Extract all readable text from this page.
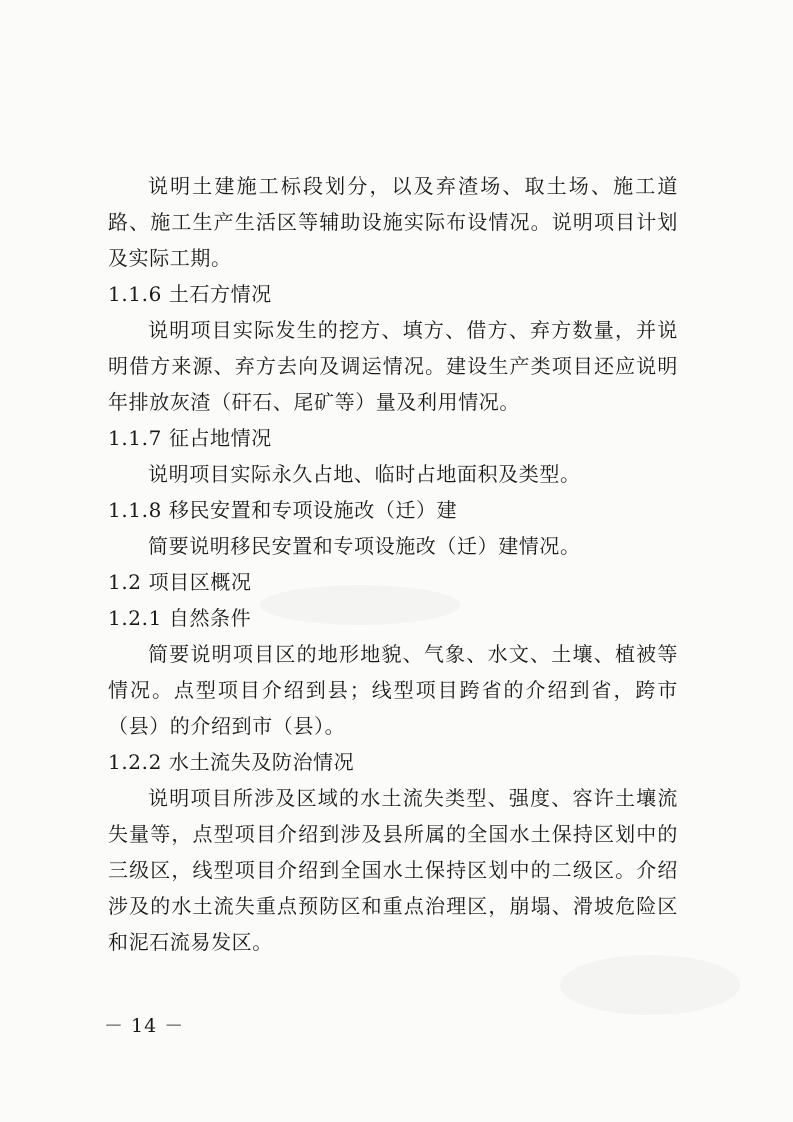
说明土建施工标段划分，以及弃渣场、取土场、施工道路、施工生产生活区等辅助设施实际布设情况。说明项目计划及实际工期。

1.1.6 土石方情况

说明项目实际发生的挖方、填方、借方、弃方数量，并说明借方来源、弃方去向及调运情况。建设生产类项目还应说明年排放灰渣（矸石、尾矿等）量及利用情况。

1.1.7 征占地情况

说明项目实际永久占地、临时占地面积及类型。

1.1.8 移民安置和专项设施改（迁）建

简要说明移民安置和专项设施改（迁）建情况。

1.2 项目区概况

1.2.1 自然条件

简要说明项目区的地形地貌、气象、水文、土壤、植被等情况。点型项目介绍到县；线型项目跨省的介绍到省，跨市（县）的介绍到市（县）。

1.2.2 水土流失及防治情况

说明项目所涉及区域的水土流失类型、强度、容许土壤流失量等，点型项目介绍到涉及县所属的全国水土保持区划中的三级区，线型项目介绍到全国水土保持区划中的二级区。介绍涉及的水土流失重点预防区和重点治理区，崩塌、滑坡危险区和泥石流易发区。

－ 14 －
